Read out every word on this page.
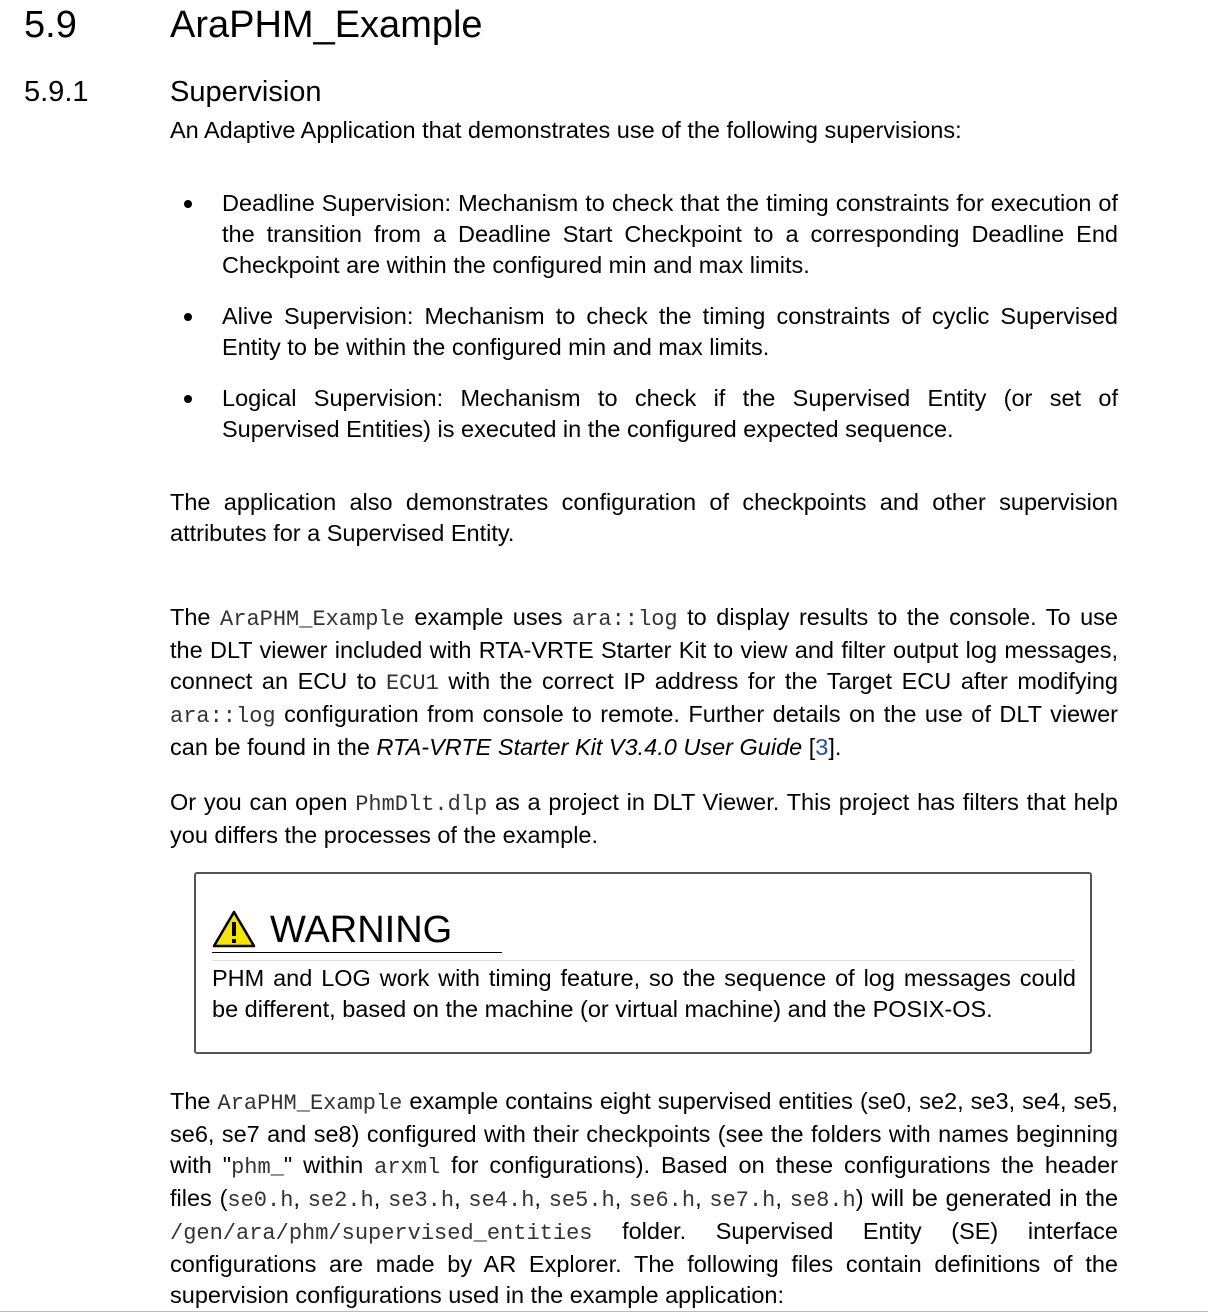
5.9 AraPHM_Example
5.9.1	Supervision
An Adaptive Application that demonstrates use of the following supervisions:
Deadline Supervision: Mechanism to check that the timing constraints for execution of the transition from a Deadline Start Checkpoint to a corresponding Deadline End Checkpoint are within the configured min and max limits.
Alive Supervision: Mechanism to check the timing constraints of cyclic Supervised Entity to be within the configured min and max limits.
Logical Supervision: Mechanism to check if the Supervised Entity (or set of Supervised Entities) is executed in the configured expected sequence.
The application also demonstrates configuration of checkpoints and other supervision attributes for a Supervised Entity.
The AraPHM_Example example uses ara::log to display results to the console. To use the DLT viewer included with RTA-VRTE Starter Kit to view and filter output log messages, connect an ECU to ECU1 with the correct IP address for the Target ECU after modifying ara::log configuration from console to remote. Further details on the use of DLT viewer can be found in the RTA-VRTE Starter Kit V3.4.0 User Guide [3].
Or you can open PhmDlt.dlp as a project in DLT Viewer. This project has filters that help you differs the processes of the example.
WARNING
PHM and LOG work with timing feature, so the sequence of log messages could be different, based on the machine (or virtual machine) and the POSIX-OS.
The AraPHM_Example example contains eight supervised entities (se0, se2, se3, se4, se5, se6, se7 and se8) configured with their checkpoints (see the folders with names beginning with "phm_" within arxml for configurations). Based on these configurations the header files (se0.h, se2.h, se3.h, se4.h, se5.h, se6.h, se7.h, se8.h) will be generated in the /gen/ara/phm/supervised_entities folder. Supervised Entity (SE) interface configurations are made by AR Explorer. The following files contain definitions of the supervision configurations used in the example application:
